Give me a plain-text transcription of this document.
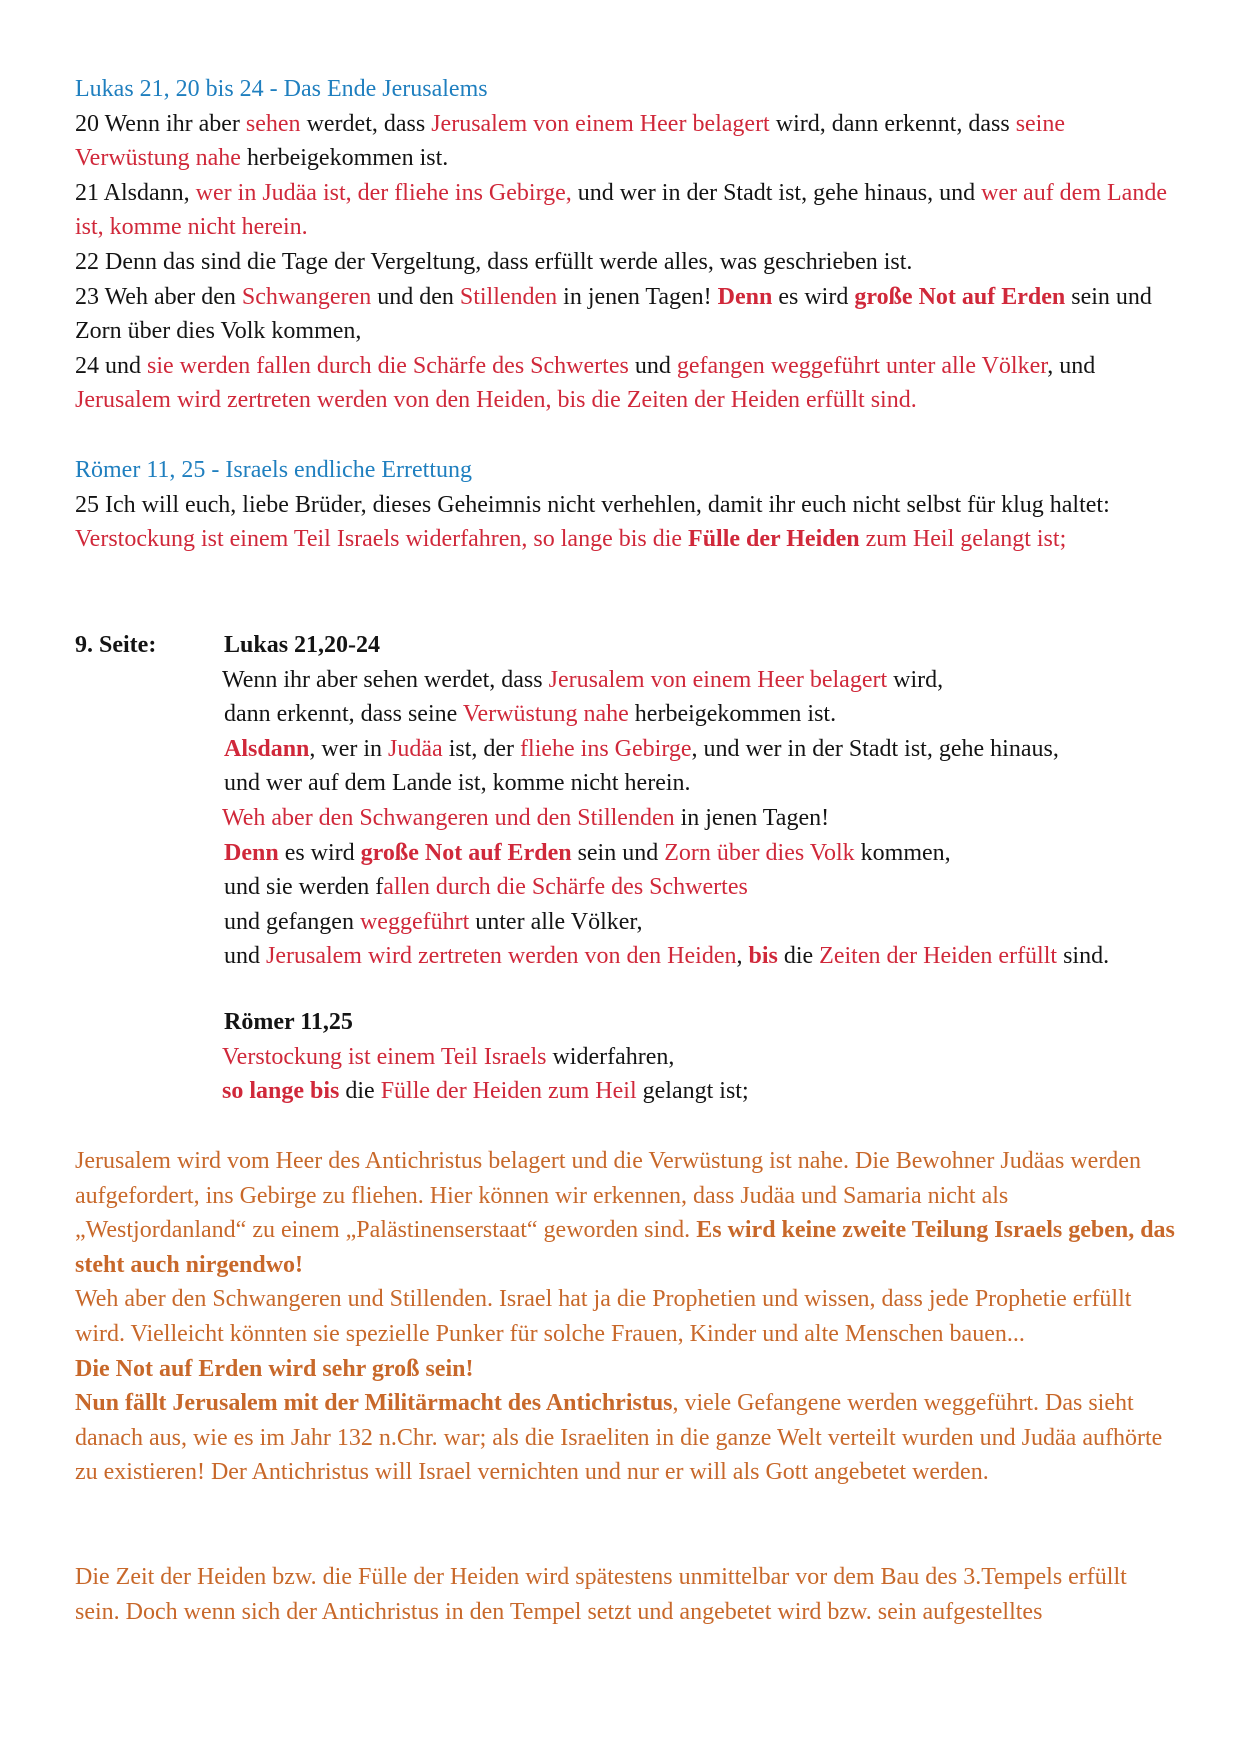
Lukas 21, 20 bis 24 - Das Ende Jerusalems

20 Wenn ihr aber sehen werdet, dass Jerusalem von einem Heer belagert wird, dann erkennt, dass seine Verwüstung nahe herbeigekommen ist.

21 Alsdann, wer in Judäa ist, der fliehe ins Gebirge, und wer in der Stadt ist, gehe hinaus, und wer auf dem Lande ist, komme nicht herein.

22 Denn das sind die Tage der Vergeltung, dass erfüllt werde alles, was geschrieben ist.

23 Weh aber den Schwangeren und den Stillenden in jenen Tagen! Denn es wird große Not auf Erden sein und Zorn über dies Volk kommen,

24 und sie werden fallen durch die Schärfe des Schwertes und gefangen weggeführt unter alle Völker, und Jerusalem wird zertreten werden von den Heiden, bis die Zeiten der Heiden erfüllt sind.

Römer 11, 25 - Israels endliche Errettung

25 Ich will euch, liebe Brüder, dieses Geheimnis nicht verhehlen, damit ihr euch nicht selbst für klug haltet:

Verstockung ist einem Teil Israels widerfahren, so lange bis die Fülle der Heiden zum Heil gelangt ist;

9. Seite:	Lukas 21,20-24

Wenn ihr aber sehen werdet, dass Jerusalem von einem Heer belagert wird,

dann erkennt, dass seine Verwüstung nahe herbeigekommen ist.

Alsdann, wer in Judäa ist, der fliehe ins Gebirge, und wer in der Stadt ist, gehe hinaus,

und wer auf dem Lande ist, komme nicht herein.

Weh aber den Schwangeren und den Stillenden in jenen Tagen!

Denn es wird große Not auf Erden sein und Zorn über dies Volk kommen,

und sie werden fallen durch die Schärfe des Schwertes

und gefangen weggeführt unter alle Völker,

und Jerusalem wird zertreten werden von den Heiden, bis die Zeiten der Heiden erfüllt sind.

Römer 11,25

Verstockung ist einem Teil Israels widerfahren,

so lange bis die Fülle der Heiden zum Heil gelangt ist;

Jerusalem wird vom Heer des Antichristus belagert und die Verwüstung ist nahe. Die Bewohner Judäas werden aufgefordert, ins Gebirge zu fliehen. Hier können wir erkennen, dass Judäa und Samaria nicht als „Westjordanland“ zu einem „Palästinenserstaat“ geworden sind. Es wird keine zweite Teilung Israels geben, das steht auch nirgendwo!

Weh aber den Schwangeren und Stillenden. Israel hat ja die Prophetien und wissen, dass jede Prophetie erfüllt wird. Vielleicht könnten sie spezielle Punker für solche Frauen, Kinder und alte Menschen bauen...

Die Not auf Erden wird sehr groß sein!

Nun fällt Jerusalem mit der Militärmacht des Antichristus, viele Gefangene werden weggeführt. Das sieht danach aus, wie es im Jahr 132 n.Chr. war; als die Israeliten in die ganze Welt verteilt wurden und Judäa aufhörte zu existieren! Der Antichristus will Israel vernichten und nur er will als Gott angebetet werden.

Die Zeit der Heiden bzw. die Fülle der Heiden wird spätestens unmittelbar vor dem Bau des 3.Tempels erfüllt sein. Doch wenn sich der Antichristus in den Tempel setzt und angebetet wird bzw. sein aufgestelltes
